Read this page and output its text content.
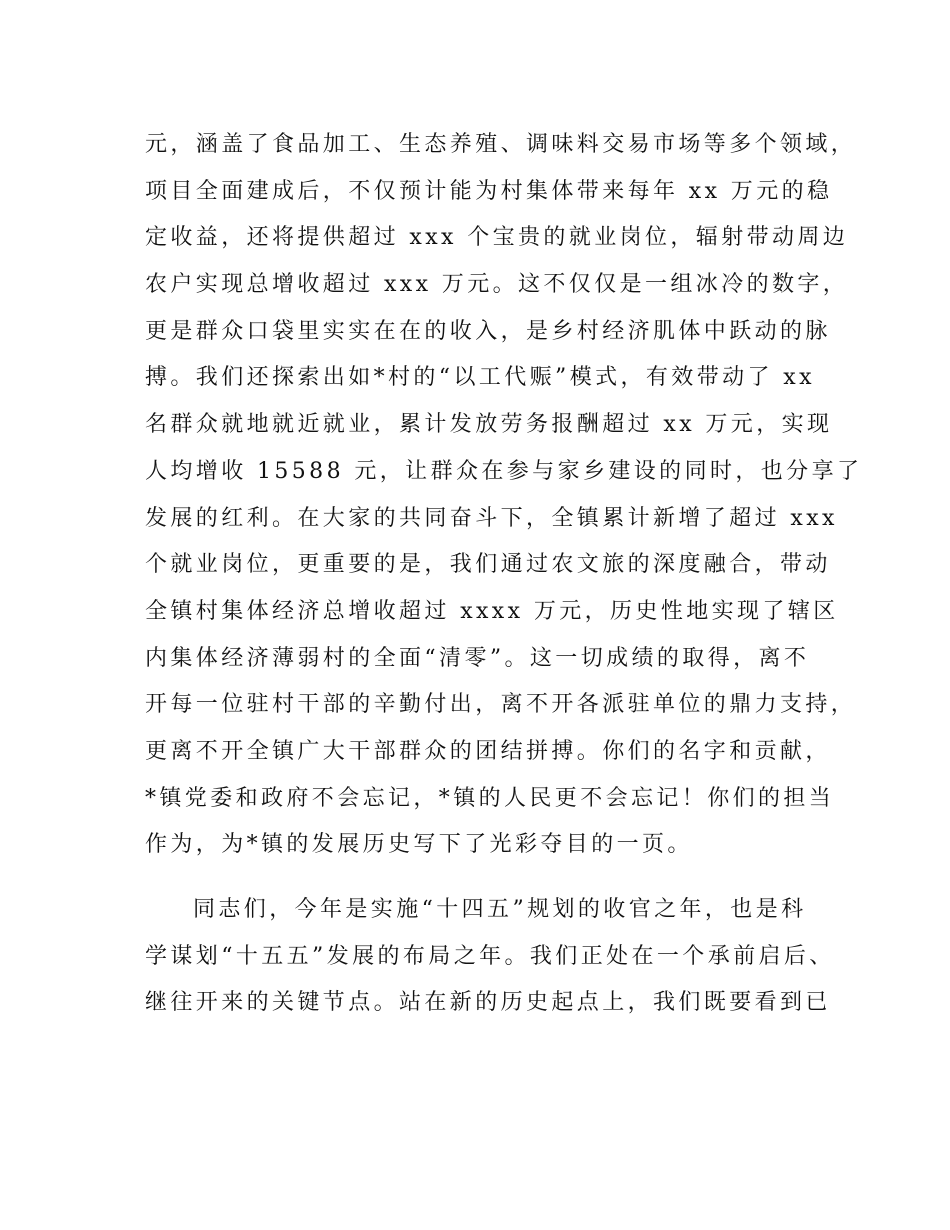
元，涵盖了食品加工、生态养殖、调味料交易市场等多个领域，
项目全面建成后，不仅预计能为村集体带来每年 xx 万元的稳
定收益，还将提供超过 xxx 个宝贵的就业岗位，辐射带动周边
农户实现总增收超过 xxx 万元。这不仅仅是一组冰冷的数字，
更是群众口袋里实实在在的收入，是乡村经济肌体中跃动的脉
搏。我们还探索出如*村的“以工代赈”模式，有效带动了 xx
名群众就地就近就业，累计发放劳务报酬超过 xx 万元，实现
人均增收 15588 元，让群众在参与家乡建设的同时，也分享了
发展的红利。在大家的共同奋斗下，全镇累计新增了超过 xxx
个就业岗位，更重要的是，我们通过农文旅的深度融合，带动
全镇村集体经济总增收超过 xxxx 万元，历史性地实现了辖区
内集体经济薄弱村的全面“清零”。这一切成绩的取得，离不
开每一位驻村干部的辛勤付出，离不开各派驻单位的鼎力支持，
更离不开全镇广大干部群众的团结拼搏。你们的名字和贡献，
*镇党委和政府不会忘记，*镇的人民更不会忘记！你们的担当
作为，为*镇的发展历史写下了光彩夺目的一页。
同志们，今年是实施“十四五”规划的收官之年，也是科
学谋划“十五五”发展的布局之年。我们正处在一个承前启后、
继往开来的关键节点。站在新的历史起点上，我们既要看到已
